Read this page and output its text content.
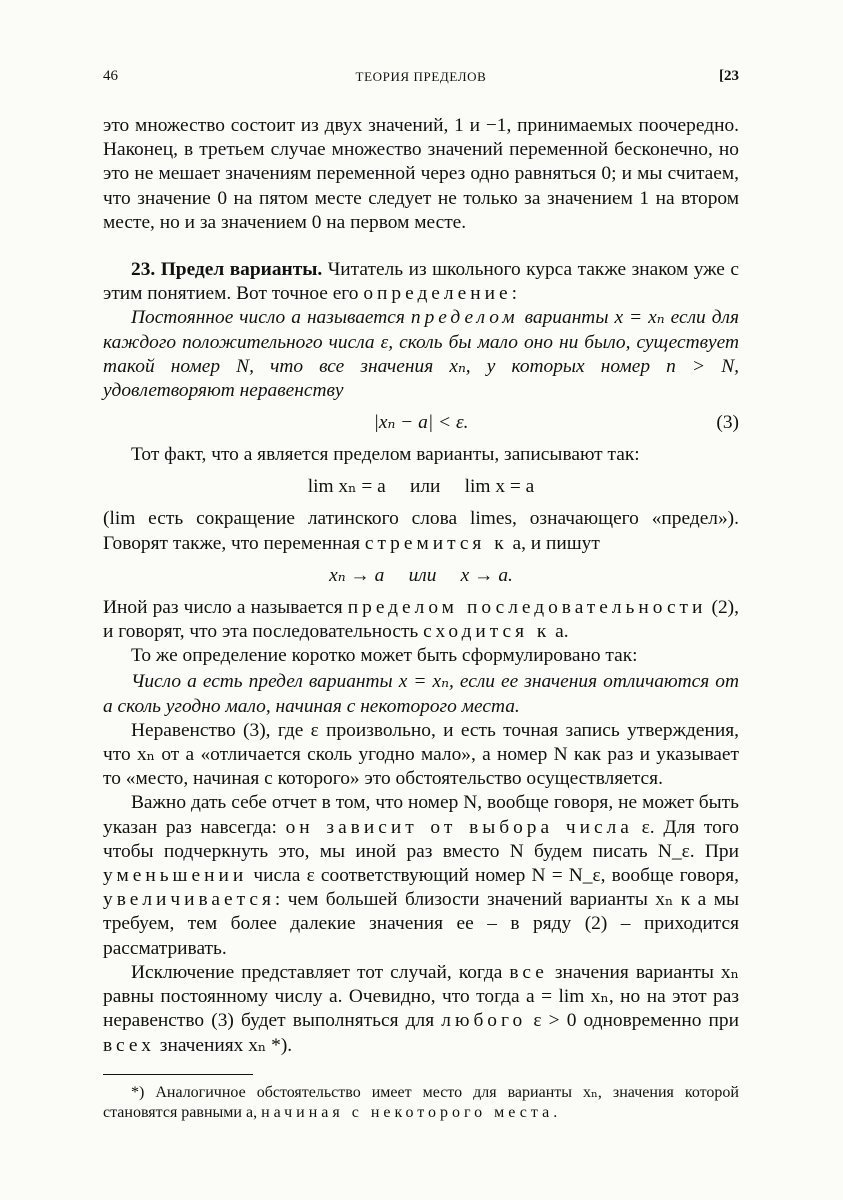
46	ТЕОРИЯ ПРЕДЕЛОВ	[23

это множество состоит из двух значений, 1 и −1, принимаемых поочередно. Наконец, в третьем случае множество значений переменной бесконечно, но это не мешает значениям переменной через одно равняться 0; и мы считаем, что значение 0 на пятом месте следует не только за значением 1 на втором месте, но и за значением 0 на первом месте.

23. Предел варианты. Читатель из школьного курса также знаком уже с этим понятием. Вот точное его определение:

Постоянное число a называется пределом варианты x = xₙ если для каждого положительного числа ε, сколь бы мало оно ни было, существует такой номер N, что все значения xₙ, у которых номер n > N, удовлетворяют неравенству

|xₙ − a| < ε.	(3)

Тот факт, что a является пределом варианты, записывают так:

lim xₙ = a     или     lim x = a

(lim есть сокращение латинского слова limes, означающего «предел»). Говорят также, что переменная стремится к a, и пишут

xₙ → a     или     x → a.

Иной раз число a называется пределом последовательности (2), и говорят, что эта последовательность сходится к a.

То же определение коротко может быть сформулировано так:

Число a есть предел варианты x = xₙ, если ее значения отличаются от a сколь угодно мало, начиная с некоторого места.

Неравенство (3), где ε произвольно, и есть точная запись утверждения, что xₙ от a «отличается сколь угодно мало», а номер N как раз и указывает то «место, начиная с которого» это обстоятельство осуществляется.

Важно дать себе отчет в том, что номер N, вообще говоря, не может быть указан раз навсегда: он зависит от выбора числа ε. Для того чтобы подчеркнуть это, мы иной раз вместо N будем писать N_ε. При уменьшении числа ε соответствующий номер N = N_ε, вообще говоря, увеличивается: чем большей близости значений варианты xₙ к a мы требуем, тем более далекие значения ее – в ряду (2) – приходится рассматривать.

Исключение представляет тот случай, когда все значения варианты xₙ равны постоянному числу a. Очевидно, что тогда a = lim xₙ, но на этот раз неравенство (3) будет выполняться для любого ε > 0 одновременно при всех значениях xₙ *).

*) Аналогичное обстоятельство имеет место для варианты xₙ, значения которой становятся равными a, начиная с некоторого места.
